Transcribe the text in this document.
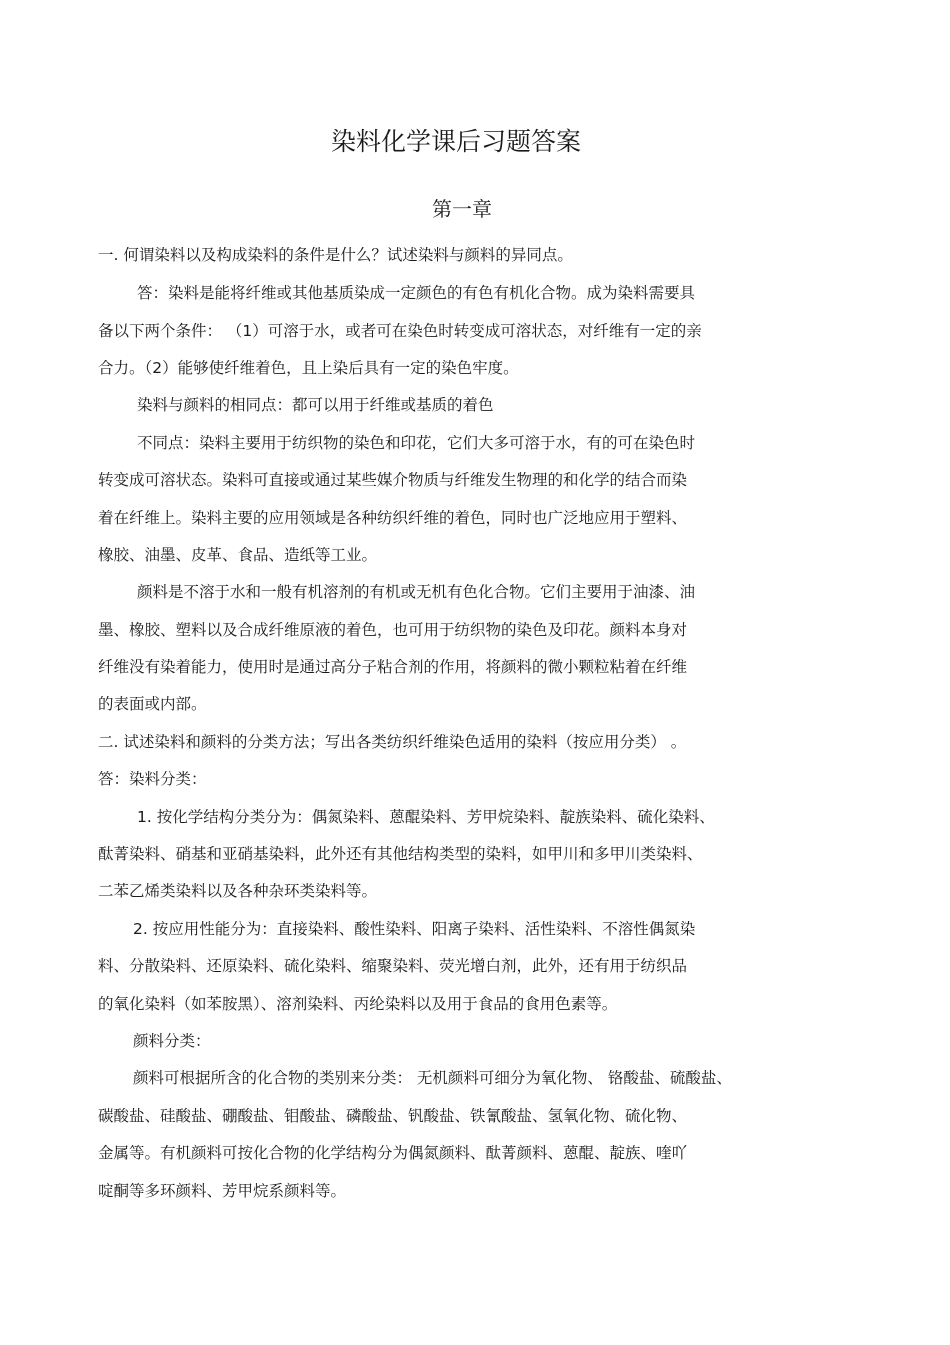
染料化学课后习题答案
第一章
一. 何谓染料以及构成染料的条件是什么？试述染料与颜料的异同点。
答：染料是能将纤维或其他基质染成一定颜色的有色有机化合物。成为染料需要具
备以下两个条件： （1）可溶于水，或者可在染色时转变成可溶状态，对纤维有一定的亲
合力。（2）能够使纤维着色，且上染后具有一定的染色牢度。
染料与颜料的相同点：都可以用于纤维或基质的着色
不同点：染料主要用于纺织物的染色和印花，它们大多可溶于水，有的可在染色时
转变成可溶状态。染料可直接或通过某些媒介物质与纤维发生物理的和化学的结合而染
着在纤维上。染料主要的应用领域是各种纺织纤维的着色，同时也广泛地应用于塑料、
橡胶、油墨、皮革、食品、造纸等工业。
颜料是不溶于水和一般有机溶剂的有机或无机有色化合物。它们主要用于油漆、油
墨、橡胶、塑料以及合成纤维原液的着色，也可用于纺织物的染色及印花。颜料本身对
纤维没有染着能力，使用时是通过高分子粘合剂的作用，将颜料的微小颗粒粘着在纤维
的表面或内部。
二. 试述染料和颜料的分类方法；写出各类纺织纤维染色适用的染料（按应用分类） 。
答：染料分类：
1. 按化学结构分类分为：偶氮染料、蒽醌染料、芳甲烷染料、靛族染料、硫化染料、
酞菁染料、硝基和亚硝基染料，此外还有其他结构类型的染料，如甲川和多甲川类染料、
二苯乙烯类染料以及各种杂环类染料等。
2. 按应用性能分为：直接染料、酸性染料、阳离子染料、活性染料、不溶性偶氮染
料、分散染料、还原染料、硫化染料、缩聚染料、荧光增白剂，此外，还有用于纺织品
的氧化染料（如苯胺黑）、溶剂染料、丙纶染料以及用于食品的食用色素等。
颜料分类：
颜料可根据所含的化合物的类别来分类： 无机颜料可细分为氧化物、 铬酸盐、硫酸盐、
碳酸盐、硅酸盐、硼酸盐、钼酸盐、磷酸盐、钒酸盐、铁氰酸盐、氢氧化物、硫化物、
金属等。有机颜料可按化合物的化学结构分为偶氮颜料、酞菁颜料、蒽醌、靛族、喹吖
啶酮等多环颜料、芳甲烷系颜料等。
